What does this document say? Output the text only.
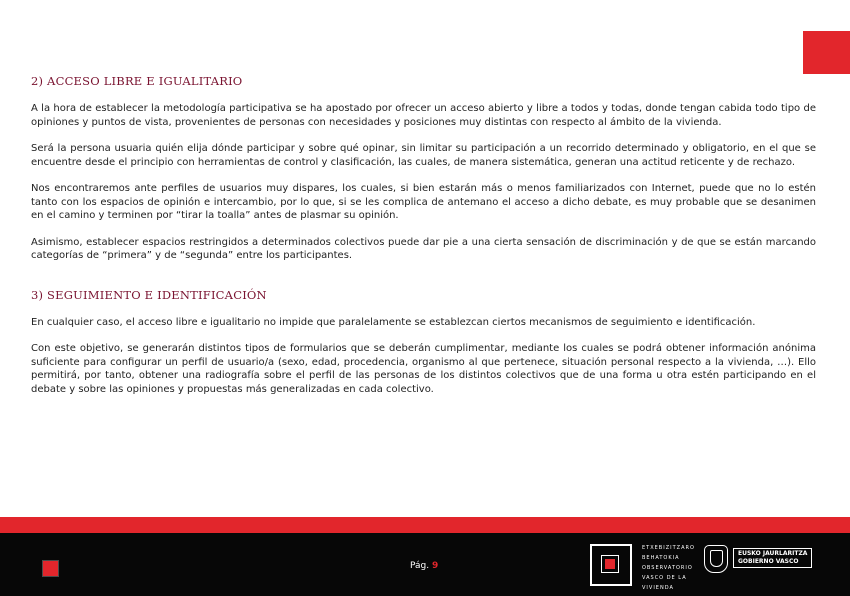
2) ACCESO LIBRE E IGUALITARIO

A la hora de establecer la metodología participativa se ha apostado por ofrecer un acceso abierto y libre a todos y todas, donde tengan cabida todo tipo de opiniones y puntos de vista, provenientes de personas con necesidades y posiciones muy distintas con respecto al ámbito de la vivienda.

Será la persona usuaria quién elija dónde participar y sobre qué opinar, sin limitar su participación a un recorrido determinado y obligatorio, en el que se encuentre desde el principio con herramientas de control y clasificación, las cuales, de manera sistemática, generan una actitud reticente y de rechazo.

Nos encontraremos ante perfiles de usuarios muy dispares, los cuales, si bien estarán más o menos familiarizados con Internet, puede que no lo estén tanto con los espacios de opinión e intercambio, por lo que, si se les complica de antemano el acceso a dicho debate, es muy probable que se desanimen en el camino y terminen por “tirar la toalla” antes de plasmar su opinión.

Asimismo, establecer espacios restringidos a determinados colectivos puede dar pie a una cierta sensación de discriminación y de que se están marcando categorías de “primera” y de “segunda” entre los participantes.

3) SEGUIMIENTO E IDENTIFICACIÓN

En cualquier caso, el acceso libre e igualitario no impide que paralelamente se establezcan ciertos mecanismos de seguimiento e identificación.

Con este objetivo, se generarán distintos tipos de formularios que se deberán cumplimentar, mediante los cuales se podrá obtener información anónima suficiente para configurar un perfil de usuario/a (sexo, edad, procedencia, organismo al que pertenece, situación personal respecto a la vivienda, …). Ello permitirá, por tanto, obtener una radiografía sobre el perfil de las personas de los distintos colectivos que de una forma u otra estén participando en el debate y sobre las opiniones y propuestas más generalizadas en cada colectivo.

Pág. 9
ETXEBIZITZARO
BEHATOKIA
OBSERVATORIO
VASCO DE LA
VIVIENDA
EUSKO JAURLARITZA
GOBIERNO VASCO
